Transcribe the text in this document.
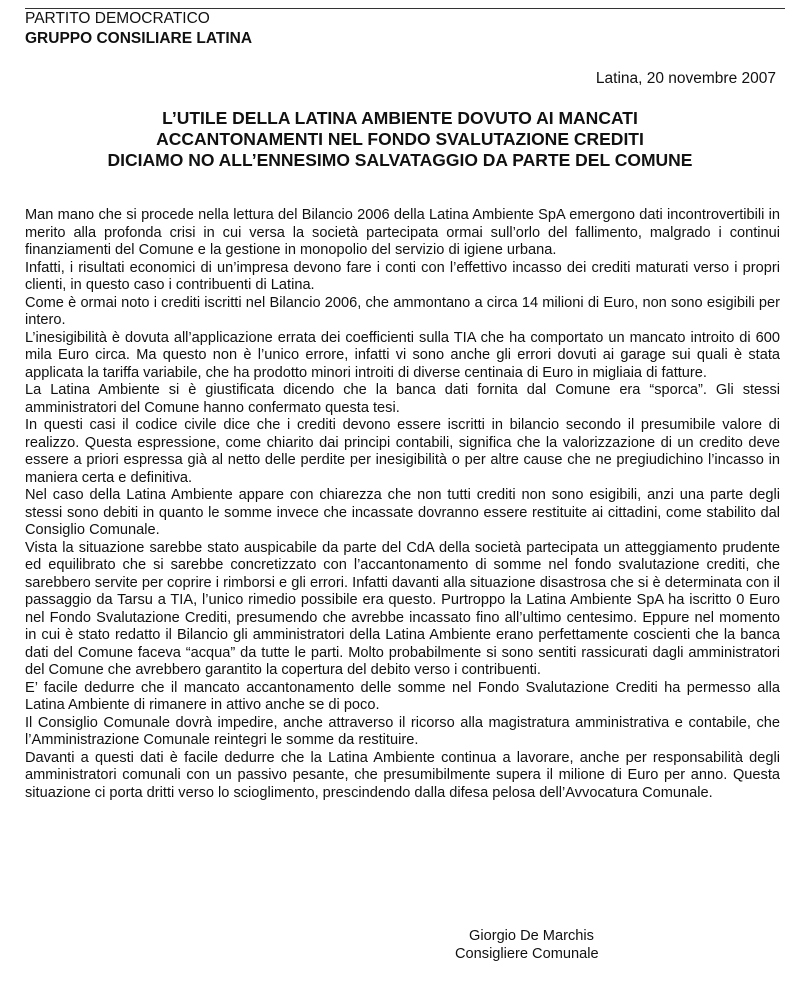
PARTITO DEMOCRATICO
GRUPPO CONSILIARE LATINA
Latina, 20 novembre 2007
L’UTILE DELLA LATINA AMBIENTE DOVUTO AI MANCATI
ACCANTONAMENTI NEL FONDO SVALUTAZIONE CREDITI
DICIAMO NO ALL’ENNESIMO SALVATAGGIO DA PARTE DEL COMUNE

Man mano che si procede nella lettura del Bilancio 2006 della Latina Ambiente SpA emergono dati incontrovertibili in merito alla profonda crisi in cui versa la società partecipata ormai sull’orlo del fallimento, malgrado i continui finanziamenti del Comune e la gestione in monopolio del servizio di igiene urbana.

Infatti, i risultati economici di un’impresa devono fare i conti con l’effettivo incasso dei crediti maturati verso i propri clienti, in questo caso i contribuenti di Latina.

Come è ormai noto i crediti iscritti nel Bilancio 2006, che ammontano a circa 14 milioni di Euro, non sono esigibili per intero.

L’inesigibilità è dovuta all’applicazione errata dei coefficienti sulla TIA che ha comportato un mancato introito di 600 mila Euro circa. Ma questo non è l’unico errore, infatti vi sono anche gli errori dovuti ai garage sui quali è stata applicata la tariffa variabile, che ha prodotto minori introiti di diverse centinaia di Euro in migliaia di fatture.

La Latina Ambiente si è giustificata dicendo che la banca dati fornita dal Comune era “sporca”. Gli stessi amministratori del Comune hanno confermato questa tesi.

In questi casi il codice civile dice che i crediti devono essere iscritti in bilancio secondo il presumibile valore di realizzo. Questa espressione, come chiarito dai principi contabili, significa che la valorizzazione di un credito deve essere a priori espressa già al netto delle perdite per inesigibilità o per altre cause che ne pregiudichino l’incasso in maniera certa e definitiva.

Nel caso della Latina Ambiente appare con chiarezza che non tutti crediti non sono esigibili, anzi una parte degli stessi sono debiti in quanto le somme invece che incassate dovranno essere restituite ai cittadini, come stabilito dal Consiglio Comunale.

Vista la situazione sarebbe stato auspicabile da parte del CdA della società partecipata un atteggiamento prudente ed equilibrato che si sarebbe concretizzato con l’accantonamento di somme nel fondo svalutazione crediti, che sarebbero servite per coprire i rimborsi e gli errori. Infatti davanti alla situazione disastrosa che si è determinata con il passaggio da Tarsu a TIA, l’unico rimedio possibile era questo. Purtroppo la Latina Ambiente SpA ha iscritto 0 Euro nel Fondo Svalutazione Crediti, presumendo che avrebbe incassato fino all’ultimo centesimo. Eppure nel momento in cui è stato redatto il Bilancio gli amministratori della Latina Ambiente erano perfettamente coscienti che la banca dati del Comune faceva “acqua” da tutte le parti. Molto probabilmente si sono sentiti rassicurati dagli amministratori del Comune che avrebbero garantito la copertura del debito verso i contribuenti.

E’ facile dedurre che il mancato accantonamento delle somme nel Fondo Svalutazione Crediti ha permesso alla Latina Ambiente di rimanere in attivo anche se di poco.

Il Consiglio Comunale dovrà impedire, anche attraverso il ricorso alla magistratura amministrativa e contabile, che l’Amministrazione Comunale reintegri le somme da restituire.

Davanti a questi dati è facile dedurre che la Latina Ambiente continua a lavorare, anche per responsabilità degli amministratori comunali con un passivo pesante, che presumibilmente supera il milione di Euro per anno. Questa situazione ci porta dritti verso lo scioglimento, prescindendo dalla difesa pelosa dell’Avvocatura Comunale.

Giorgio De Marchis
Consigliere Comunale
